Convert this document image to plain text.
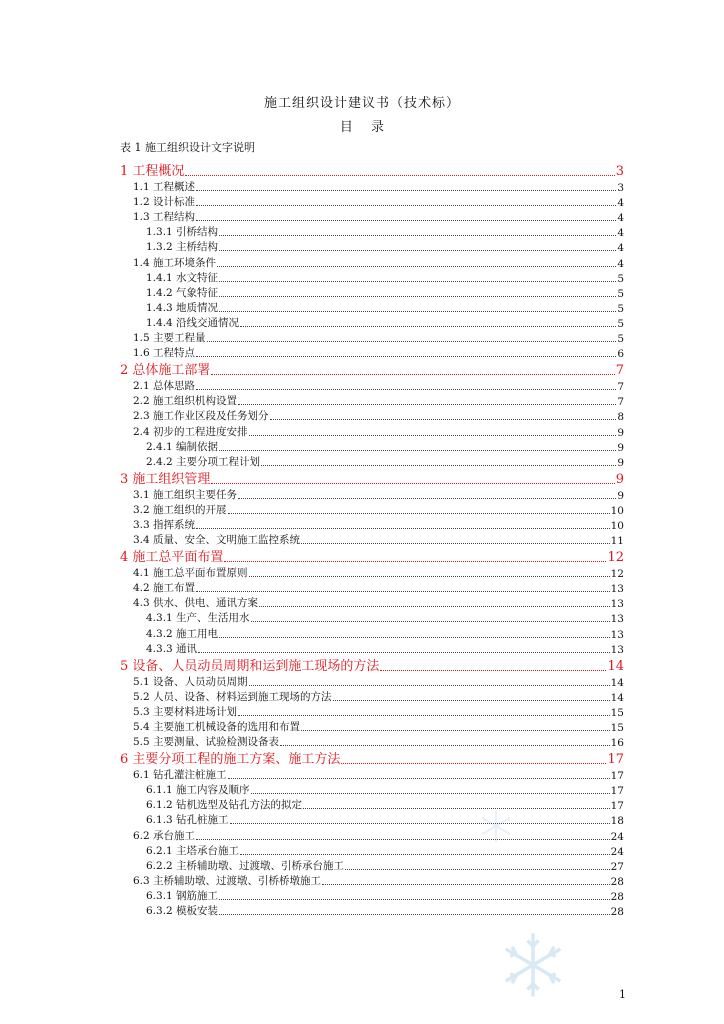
施工组织设计建议书（技术标）
目 录
表 1 施工组织设计文字说明
1 工程概况	3
1.1 工程概述	3
1.2 设计标准	4
1.3 工程结构	4
1.3.1 引桥结构	4
1.3.2 主桥结构	4
1.4 施工环境条件	4
1.4.1 水文特征	5
1.4.2 气象特征	5
1.4.3 地质情况	5
1.4.4 沿线交通情况	5
1.5 主要工程量	5
1.6 工程特点	6
2 总体施工部署	7
2.1 总体思路	7
2.2 施工组织机构设置	7
2.3 施工作业区段及任务划分	8
2.4 初步的工程进度安排	9
2.4.1 编制依据	9
2.4.2 主要分项工程计划	9
3 施工组织管理	9
3.1 施工组织主要任务	9
3.2 施工组织的开展	10
3.3 指挥系统	10
3.4 质量、安全、文明施工监控系统	11
4 施工总平面布置	12
4.1 施工总平面布置原则	12
4.2 施工布置	13
4.3 供水、供电、通讯方案	13
4.3.1 生产、生活用水	13
4.3.2 施工用电	13
4.3.3 通讯	13
5 设备、人员动员周期和运到施工现场的方法	14
5.1 设备、人员动员周期	14
5.2 人员、设备、材料运到施工现场的方法	14
5.3 主要材料进场计划	15
5.4 主要施工机械设备的选用和布置	15
5.5 主要测量、试验检测设备表	16
6 主要分项工程的施工方案、施工方法	17
6.1 钻孔灌注桩施工	17
6.1.1 施工内容及顺序	17
6.1.2 钻机选型及钻孔方法的拟定	17
6.1.3 钻孔桩施工	18
6.2 承台施工	24
6.2.1 主塔承台施工	24
6.2.2 主桥辅助墩、过渡墩、引桥承台施工	27
6.3 主桥辅助墩、过渡墩、引桥桥墩施工	28
6.3.1 钢筋施工	28
6.3.2 模板安装	28
1
